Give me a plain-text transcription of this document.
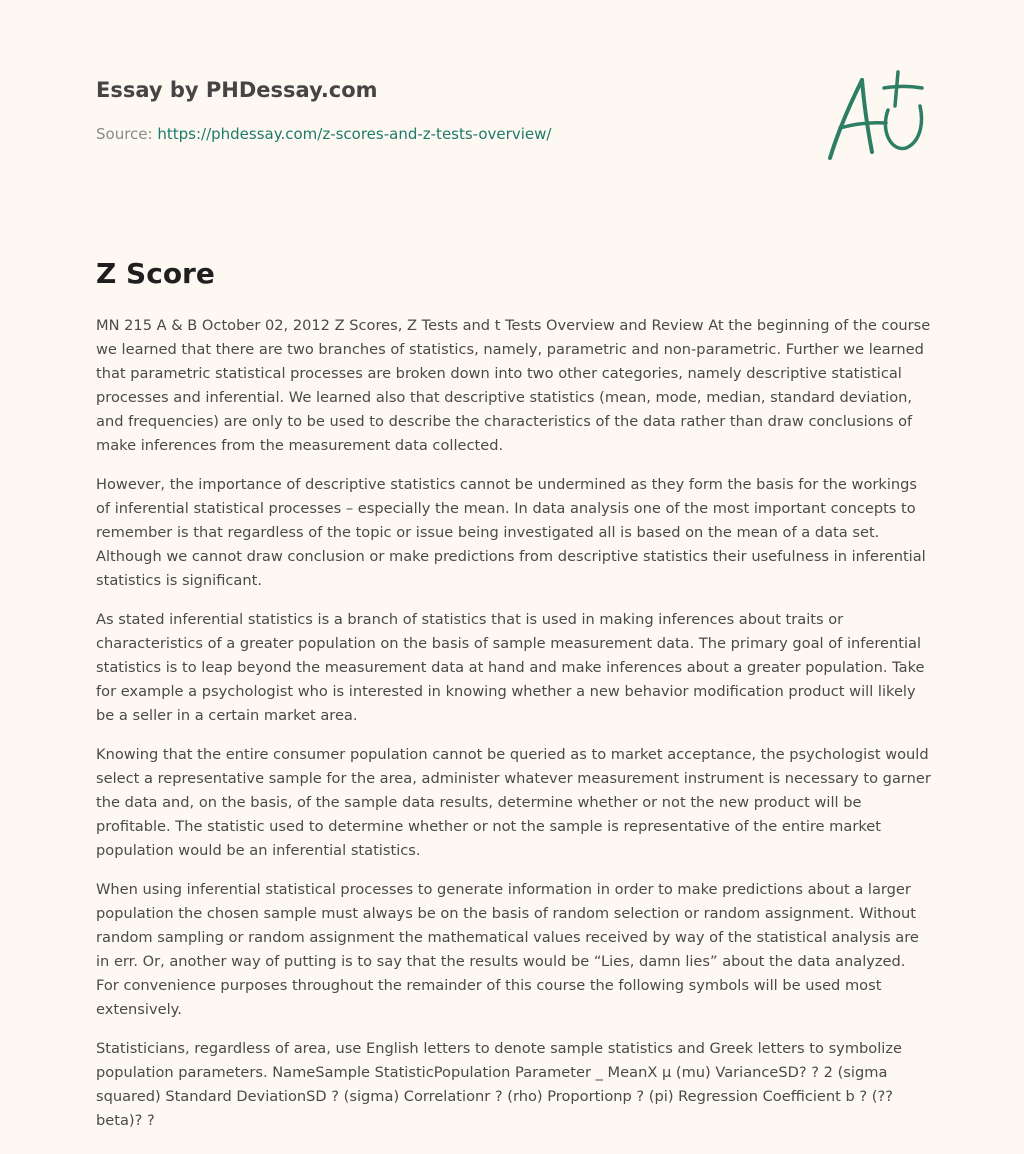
Essay by PHDessay.com
Source: https://phdessay.com/z-scores-and-z-tests-overview/
Z Score

MN 215 A & B October 02, 2012 Z Scores, Z Tests and t Tests Overview and Review At the beginning of the course we learned that there are two branches of statistics, namely, parametric and non-parametric. Further we learned that parametric statistical processes are broken down into two other categories, namely descriptive statistical processes and inferential. We learned also that descriptive statistics (mean, mode, median, standard deviation, and frequencies) are only to be used to describe the characteristics of the data rather than draw conclusions of make inferences from the measurement data collected.

However, the importance of descriptive statistics cannot be undermined as they form the basis for the workings of inferential statistical processes – especially the mean. In data analysis one of the most important concepts to remember is that regardless of the topic or issue being investigated all is based on the mean of a data set. Although we cannot draw conclusion or make predictions from descriptive statistics their usefulness in inferential statistics is significant.

As stated inferential statistics is a branch of statistics that is used in making inferences about traits or characteristics of a greater population on the basis of sample measurement data. The primary goal of inferential statistics is to leap beyond the measurement data at hand and make inferences about a greater population. Take for example a psychologist who is interested in knowing whether a new behavior modification product will likely be a seller in a certain market area.

Knowing that the entire consumer population cannot be queried as to market acceptance, the psychologist would select a representative sample for the area, administer whatever measurement instrument is necessary to garner the data and, on the basis, of the sample data results, determine whether or not the new product will be profitable. The statistic used to determine whether or not the sample is representative of the entire market population would be an inferential statistics.

When using inferential statistical processes to generate information in order to make predictions about a larger population the chosen sample must always be on the basis of random selection or random assignment. Without random sampling or random assignment the mathematical values received by way of the statistical analysis are in err. Or, another way of putting is to say that the results would be “Lies, damn lies” about the data analyzed. For convenience purposes throughout the remainder of this course the following symbols will be used most extensively.

Statisticians, regardless of area, use English letters to denote sample statistics and Greek letters to symbolize population parameters. NameSample StatisticPopulation Parameter _ MeanX µ (mu) VarianceSD? ? 2 (sigma squared) Standard DeviationSD ? (sigma) Correlationr ? (rho) Proportionp ? (pi) Regression Coefficient b ? (?? beta)? ?
